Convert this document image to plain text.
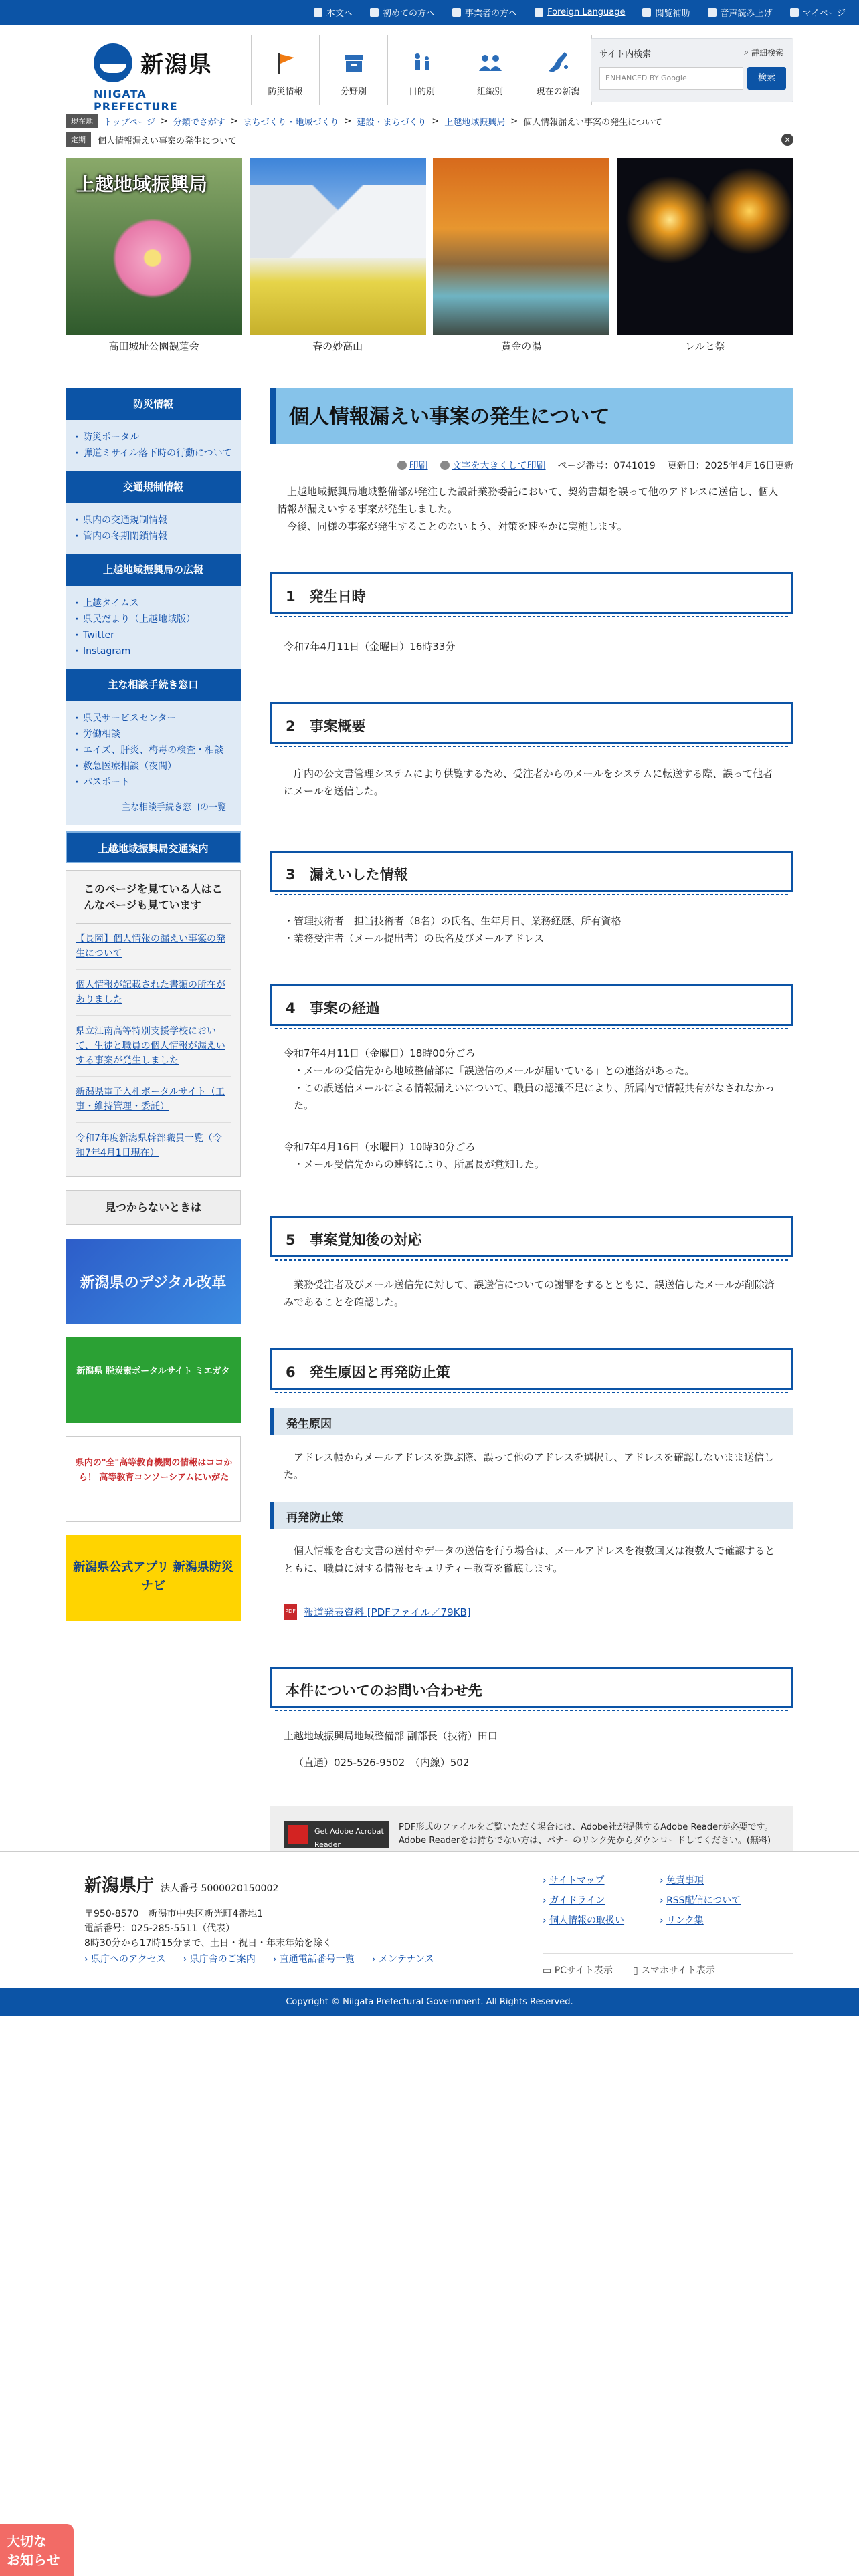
本文へ	初めての方へ	事業者の方へ	Foreign Language	閲覧補助	音声読み上げ	マイページ
新潟県
NIIGATA PREFECTURE
防災情報	分野別	目的別	組織別	現在の新潟
サイト内検索	⌕ 詳細検索
ENHANCED BY Google	検索
現在地	トップページ > 分類でさがす > まちづくり・地域づくり > 建設・まちづくり > 上越地域振興局 > 個人情報漏えい事案の発生について
定期	個人情報漏えい事案の発生について	×
上越地域振興局
高田城址公園観蓮会	春の妙高山	黄金の湯	レルヒ祭
防災情報
· 防災ポータル
· 弾道ミサイル落下時の行動について
交通規制情報
· 県内の交通規制情報
· 管内の冬期閉鎖情報
上越地域振興局の広報
· 上越タイムス
· 県民だより（上越地域版）
· Twitter
· Instagram
主な相談手続き窓口
· 県民サービスセンター
· 労働相談
· エイズ、肝炎、梅毒の検査・相談
· 救急医療相談（夜間）
· パスポート
主な相談手続き窓口の一覧
上越地域振興局交通案内
このページを見ている人はこんなページも見ています
【長岡】個人情報の漏えい事案の発生について
個人情報が記載された書類の所在がありました
県立江南高等特別支援学校において、生徒と職員の個人情報が漏えいする事案が発生しました
新潟県電子入札ポータルサイト（工事・維持管理・委託）
令和7年度新潟県幹部職員一覧（令和7年4月1日現在）
見つからないときは
新潟県のデジタル改革
新潟県 脱炭素ポータルサイト ミエガタ
県内の"全"高等教育機関の情報はココから！ 高等教育コンソーシアムにいがた
新潟県公式アプリ 新潟県防災ナビ
個人情報漏えい事案の発生について
印刷	文字を大きくして印刷 ページ番号：0741019 更新日：2025年4月16日更新

上越地域振興局地域整備部が発注した設計業務委託において、契約書類を誤って他のアドレスに送信し、個人情報が漏えいする事案が発生しました。

今後、同様の事案が発生することのないよう、対策を速やかに実施します。

1　発生日時

令和7年4月11日（金曜日）16時33分

2　事案概要

庁内の公文書管理システムにより供覧するため、受注者からのメールをシステムに転送する際、誤って他者にメールを送信した。

3　漏えいした情報

・管理技術者　担当技術者（8名）の氏名、生年月日、業務経歴、所有資格

・業務受注者（メール提出者）の氏名及びメールアドレス

4　事案の経過

令和7年4月11日（金曜日）18時00分ごろ

・メールの受信先から地域整備部に「誤送信のメールが届いている」との連絡があった。

・この誤送信メールによる情報漏えいについて、職員の認識不足により、所属内で情報共有がなされなかった。

令和7年4月16日（水曜日）10時30分ごろ

・メール受信先からの連絡により、所属長が覚知した。

5　事案覚知後の対応

業務受注者及びメール送信先に対して、誤送信についての謝罪をするとともに、誤送信したメールが削除済みであることを確認した。

6　発生原因と再発防止策
発生原因

アドレス帳からメールアドレスを選ぶ際、誤って他のアドレスを選択し、アドレスを確認しないまま送信した。

再発防止策

個人情報を含む文書の送付やデータの送信を行う場合は、メールアドレスを複数回又は複数人で確認するとともに、職員に対する情報セキュリティー教育を徹底します。

PDF 報道発表資料 [PDFファイル／79KB]
本件についてのお問い合わせ先

上越地域振興局地域整備部 副部長（技術）田口

（直通）025-526-9502　（内線）502

Get Adobe Acrobat Reader

PDF形式のファイルをご覧いただく場合には、Adobe社が提供するAdobe Readerが必要です。

Adobe Readerをお持ちでない方は、バナーのリンク先からダウンロードしてください。(無料)

新潟県庁 法人番号 5000020150002

〒950-8570　新潟市中央区新光町4番地1

電話番号：025-285-5511（代表）

8時30分から17時15分まで、土日・祝日・年末年始を除く

› 県庁へのアクセス	› 県庁舎のご案内	› 直通電話番号一覧	› メンテナンス
› サイトマップ	› 免責事項
› ガイドライン	› RSS配信について
› 個人情報の取扱い	› リンク集
▭ PCサイト表示 ▯ スマホサイト表示
Copyright © Niigata Prefectural Government. All Rights Reserved.
大切な
お知らせ
